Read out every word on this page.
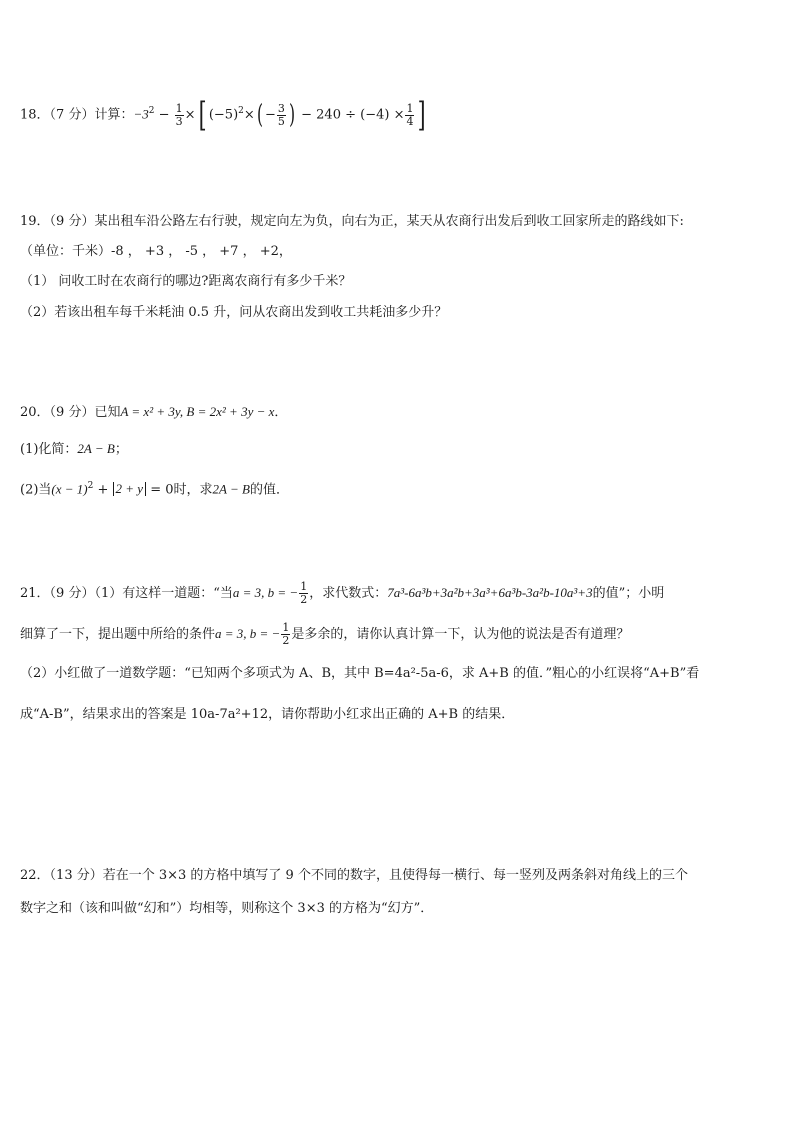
18．（7 分）计算：$-3^2 - \frac{1}{3}$ ×[ $(-5)^2\times( - \frac{3}{5}$ ) − $240 \div (-4) \times \frac{1}{4}$ ]
19．（9 分）某出租车沿公路左右行驶，规定向左为负，向右为正，某天从农商行出发后到收工回家所走的路线如下:
（单位：千米）-8 ， +3 ， -5 ， +7 ， +2，
（1） 问收工时在农商行的哪边?距离农商行有多少千米？
（2）若该出租车每千米耗油 0.5 升，问从农商出发到收工共耗油多少升？
20．（9 分）已知A = x² + 3y, B = 2x² + 3y − x．
(1)化简：2A − B；
(2)当$(x - 1)^2 + 2 + y = 0$时，求2A − B的值．
21．（9 分）（1）有这样一道题：“当a = 3, b = − $\frac{1}{2}$ ，求代数式：7a³-6a³b+3a²b+3a³+6a³b-3a²b-10a³+3的值”；小明
细算了一下，提出题中所给的条件a = 3, b = − $\frac{1}{2}$ 是多余的，请你认真计算一下，认为他的说法是否有道理？
（2）小红做了一道数学题：“已知两个多项式为 A、B，其中 B=4a²-5a-6，求 A+B 的值．”粗心的小红误将“A+B”看
成“A-B”，结果求出的答案是 10a-7a²+12，请你帮助小红求出正确的 A+B 的结果．
22．（13 分）若在一个 3×3 的方格中填写了 9 个不同的数字，且使得每一横行、每一竖列及两条斜对角线上的三个
数字之和（该和叫做“幻和”）均相等，则称这个 3×3 的方格为“幻方”．
